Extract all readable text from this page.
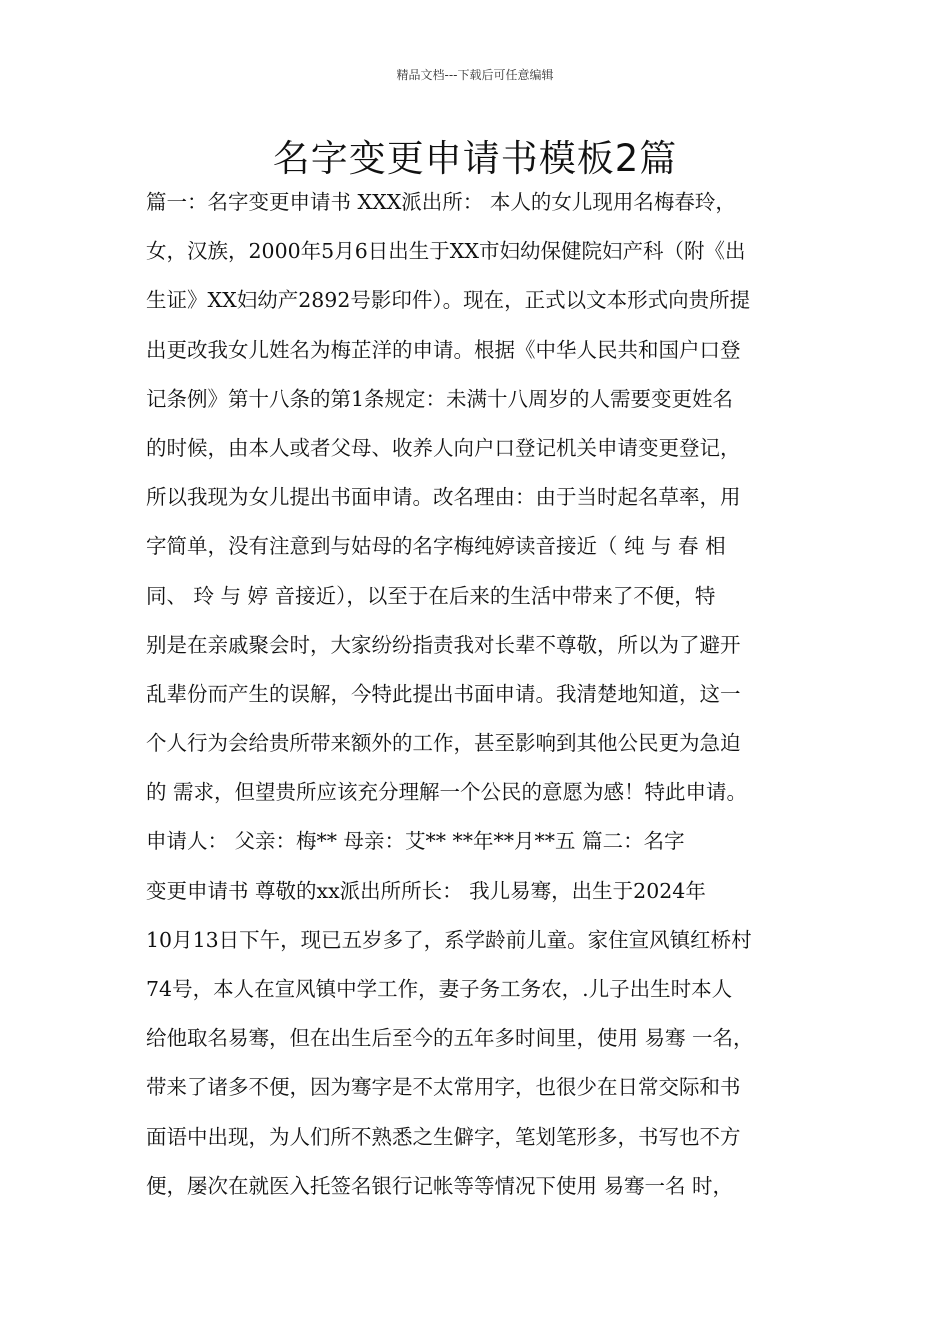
精品文档---下载后可任意编辑
名字变更申请书模板2篇
篇一：名字变更申请书 XXX派出所： 本人的女儿现用名梅春玲，
女，汉族，2000年5月6日出生于XX市妇幼保健院妇产科（附《出
生证》XX妇幼产2892号影印件）。现在，正式以文本形式向贵所提
出更改我女儿姓名为梅芷洋的申请。根据《中华人民共和国户口登
记条例》第十八条的第1条规定：未满十八周岁的人需要变更姓名
的时候，由本人或者父母、收养人向户口登记机关申请变更登记，
所以我现为女儿提出书面申请。改名理由：由于当时起名草率，用
字简单，没有注意到与姑母的名字梅纯婷读音接近（ 纯 与 春 相
同、 玲 与 婷 音接近），以至于在后来的生活中带来了不便，特
别是在亲戚聚会时，大家纷纷指责我对长辈不尊敬，所以为了避开
乱辈份而产生的误解，今特此提出书面申请。我清楚地知道，这一
个人行为会给贵所带来额外的工作，甚至影响到其他公民更为急迫
的 需求，但望贵所应该充分理解一个公民的意愿为感！特此申请。
申请人： 父亲：梅** 母亲：艾** **年**月**五 篇二：名字
变更申请书 尊敬的xx派出所所长： 我儿易骞，出生于2024年
10月13日下午，现已五岁多了，系学龄前儿童。家住宣风镇红桥村
74号，本人在宣风镇中学工作，妻子务工务农，.儿子出生时本人
给他取名易骞，但在出生后至今的五年多时间里，使用 易骞 一名，
带来了诸多不便，因为骞字是不太常用字，也很少在日常交际和书
面语中出现，为人们所不熟悉之生僻字，笔划笔形多，书写也不方
便，屡次在就医入托签名银行记帐等等情况下使用 易骞一名 时，
